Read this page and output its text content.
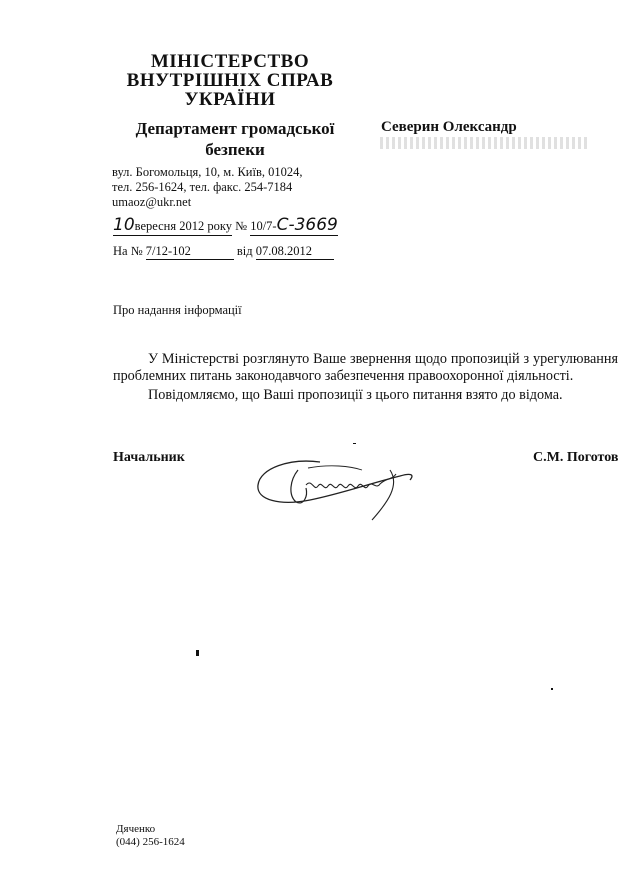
МІНІСТЕРСТВО
ВНУТРІШНІХ СПРАВ
УКРАЇНИ
Департамент громадської
безпеки
Северин Олександр
вул. Богомольця, 10, м. Київ, 01024,
тел. 256-1624, тел. факс. 254-7184
umaoz@ukr.net
10вересня 2012 року № 10/7-С-3669
На № 7/12-102	від 07.08.2012
Про надання інформації

У Міністерстві розглянуто Ваше звернення щодо пропозицій з урегулювання проблемних питань законодавчого забезпечення правоохоронної діяльності.

Повідомляємо, що Ваші пропозиції з цього питання взято до відома.

Начальник	С.М. Поготов
Дяченко
(044) 256-1624
